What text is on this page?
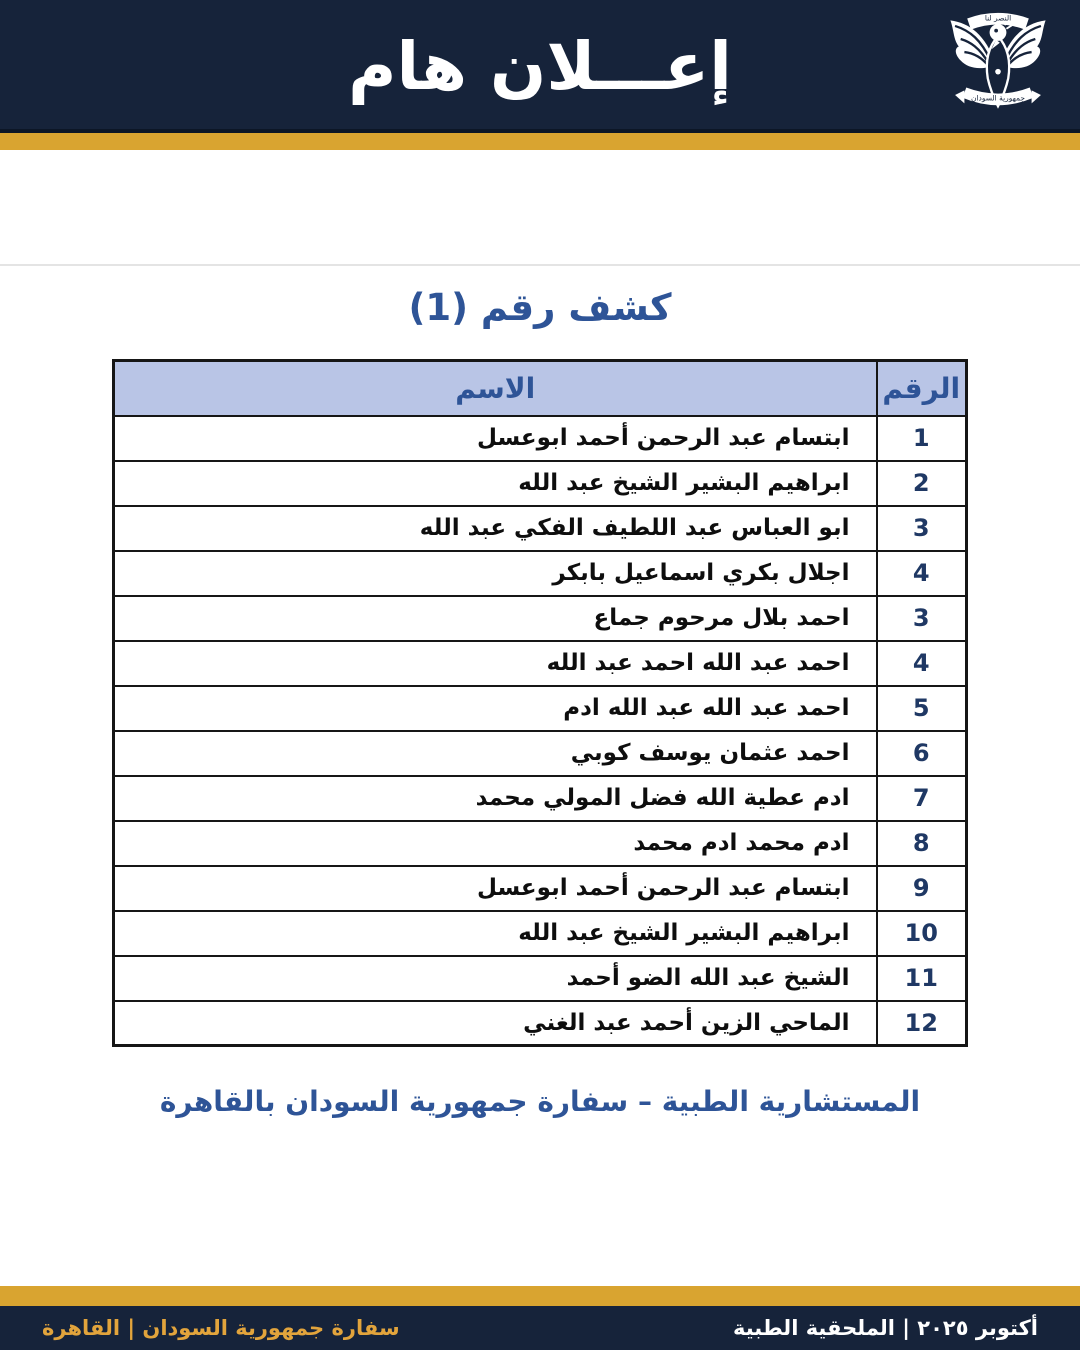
إعـــلان هام
النصر لنا
جمهورية السودان
كشف رقم (1)
الرقم	الاسم
1	ابتسام عبد الرحمن أحمد ابوعسل
2	ابراهيم البشير الشيخ عبد الله
3	ابو العباس عبد اللطيف الفكي عبد الله
4	اجلال بكري اسماعيل بابكر
3	احمد بلال مرحوم جماع
4	احمد عبد الله احمد عبد الله
5	احمد عبد الله عبد الله ادم
6	احمد عثمان يوسف كوبي
7	ادم عطية الله فضل المولي محمد
8	ادم محمد ادم محمد
9	ابتسام عبد الرحمن أحمد ابوعسل
10	ابراهيم البشير الشيخ عبد الله
11	الشيخ عبد الله الضو أحمد
12	الماحي الزين أحمد عبد الغني
المستشارية الطبية – سفارة جمهورية السودان بالقاهرة
سفارة جمهورية السودان | القاهرة	أكتوبر ٢٠٢٥ | الملحقية الطبية
